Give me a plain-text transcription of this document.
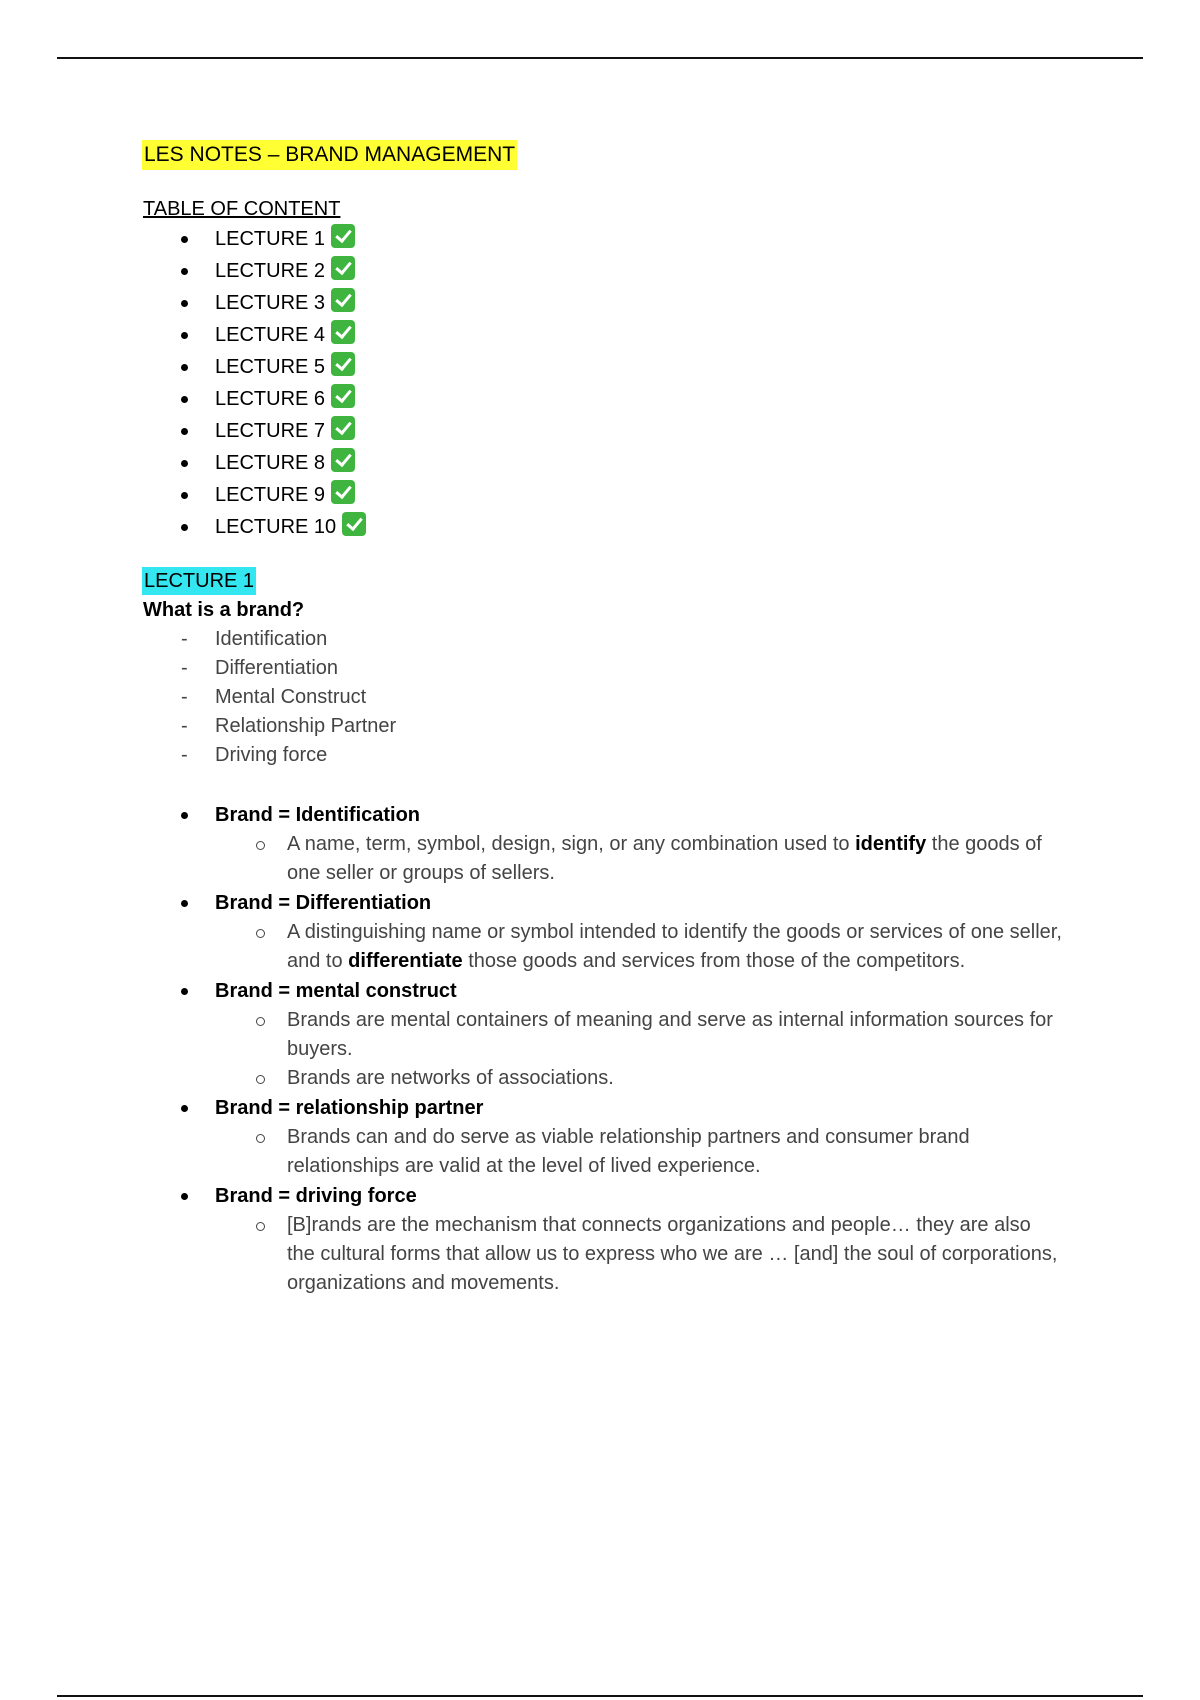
LES NOTES – BRAND MANAGEMENT
TABLE OF CONTENT
LECTURE 1
LECTURE 2
LECTURE 3
LECTURE 4
LECTURE 5
LECTURE 6
LECTURE 7
LECTURE 8
LECTURE 9
LECTURE 10
LECTURE 1
What is a brand?
- Identification
- Differentiation
- Mental Construct
- Relationship Partner
- Driving force
Brand = Identification
A name, term, symbol, design, sign, or any combination used to identify the goods of one seller or groups of sellers.
Brand = Differentiation
A distinguishing name or symbol intended to identify the goods or services of one seller, and to differentiate those goods and services from those of the competitors.
Brand = mental construct
Brands are mental containers of meaning and serve as internal information sources for buyers.
Brands are networks of associations.
Brand = relationship partner
Brands can and do serve as viable relationship partners and consumer brand relationships are valid at the level of lived experience.
Brand = driving force
[B]rands are the mechanism that connects organizations and people… they are also the cultural forms that allow us to express who we are … [and] the soul of corporations, organizations and movements.
